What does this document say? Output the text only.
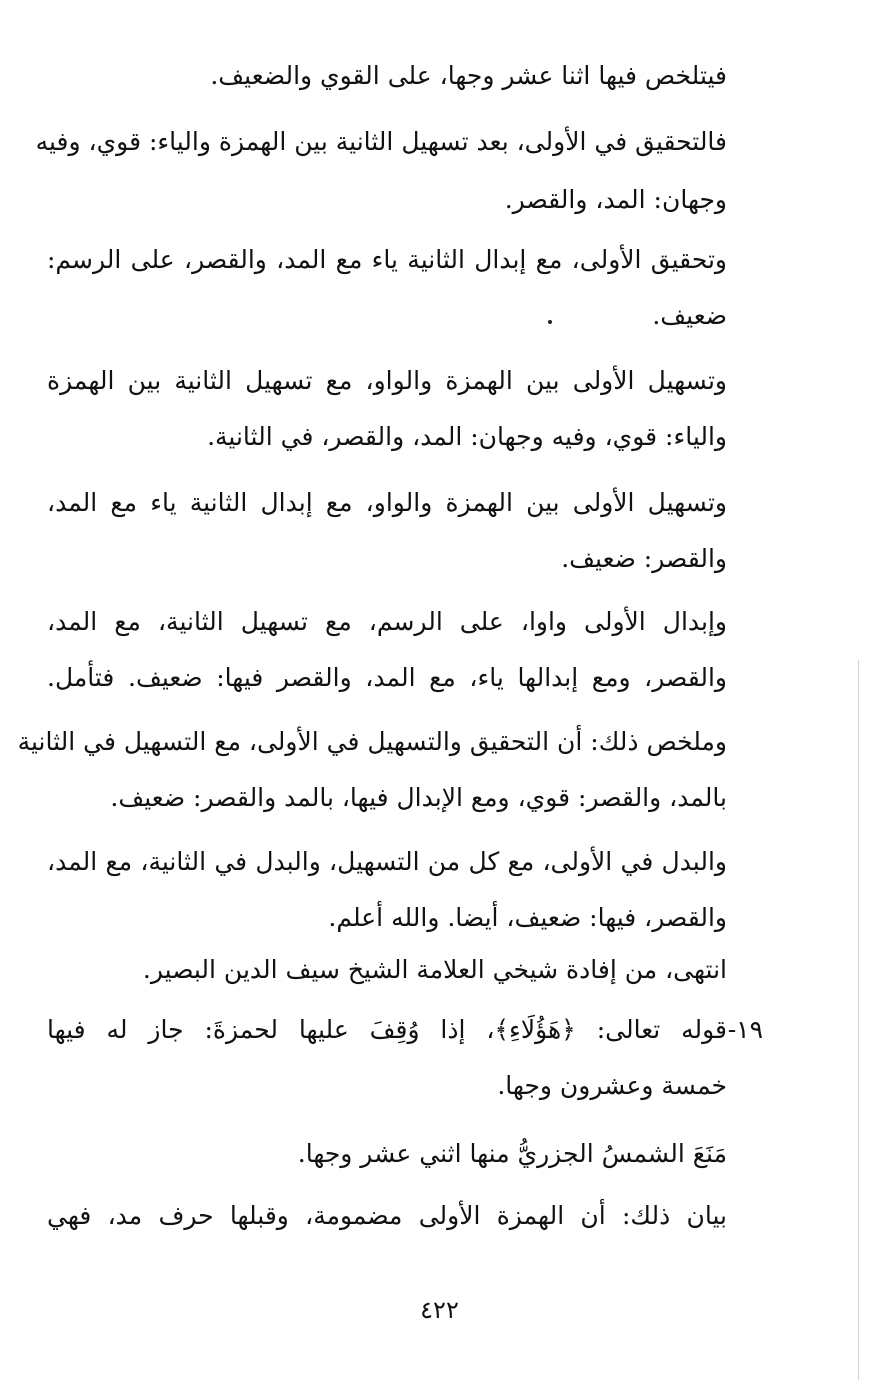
فيتلخص فيها اثنا عشر وجها، على القوي والضعيف.
فالتحقيق في الأولى، بعد تسهيل الثانية بين الهمزة والياء: قوي، وفيه
وجهان: المد، والقصر.
وتحقيق الأولى، مع إبدال الثانية ياء مع المد، والقصر، على الرسم:
ضعيف.
وتسهيل الأولى بين الهمزة والواو، مع تسهيل الثانية بين الهمزة
والياء: قوي، وفيه وجهان: المد، والقصر، في الثانية.
وتسهيل الأولى بين الهمزة والواو، مع إبدال الثانية ياء مع المد،
والقصر: ضعيف.
وإبدال الأولى واوا، على الرسم، مع تسهيل الثانية، مع المد،
والقصر، ومع إبدالها ياء، مع المد، والقصر فيها: ضعيف. فتأمل.
وملخص ذلك: أن التحقيق والتسهيل في الأولى، مع التسهيل في الثانية
بالمد، والقصر: قوي، ومع الإبدال فيها، بالمد والقصر: ضعيف.
والبدل في الأولى، مع كل من التسهيل، والبدل في الثانية، مع المد،
والقصر، فيها: ضعيف، أيضا. والله أعلم.
انتهى، من إفادة شيخي العلامة الشيخ سيف الدين البصير.
١٩-
قوله تعالى: ﴿هَؤُلَاءِ﴾، إذا وُقِفَ عليها لحمزةَ: جاز له فيها
خمسة وعشرون وجها.
مَنَعَ الشمسُ الجزريُّ منها اثني عشر وجها.
بيان ذلك: أن الهمزة الأولى مضمومة، وقبلها حرف مد، فهي
٤٢٢
